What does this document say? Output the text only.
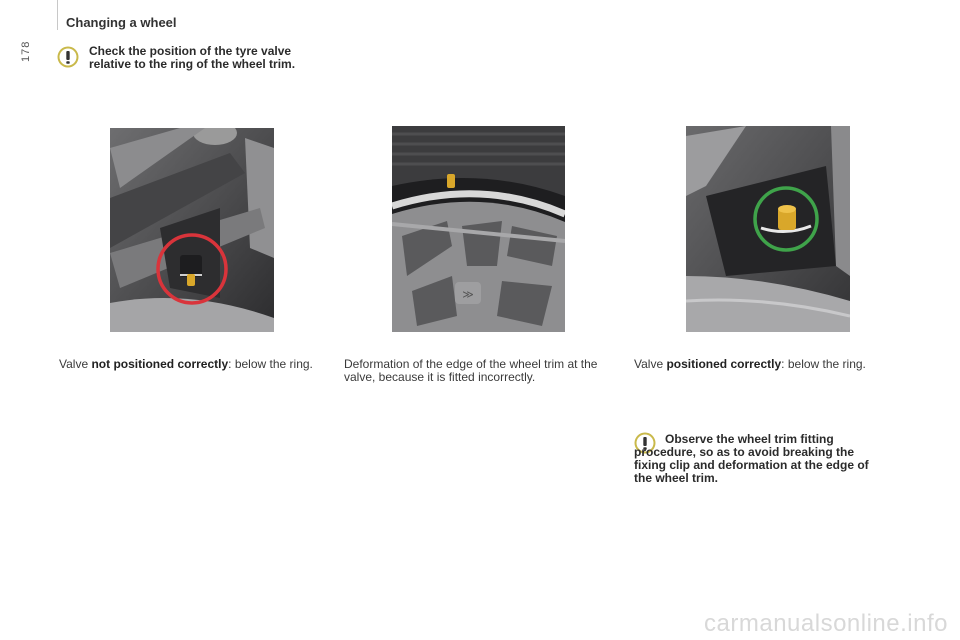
178
Changing a wheel
Check the position of the tyre valve relative to the ring of the wheel trim.
≫
Valve not positioned correctly: below the ring.	Deformation of the edge of the wheel trim at the valve, because it is fitted incorrectly.
Valve positioned correctly: below the ring.
Observe the wheel trim fitting procedure, so as to avoid breaking the fixing clip and deformation at the edge of the wheel trim.
carmanualsonline.info
